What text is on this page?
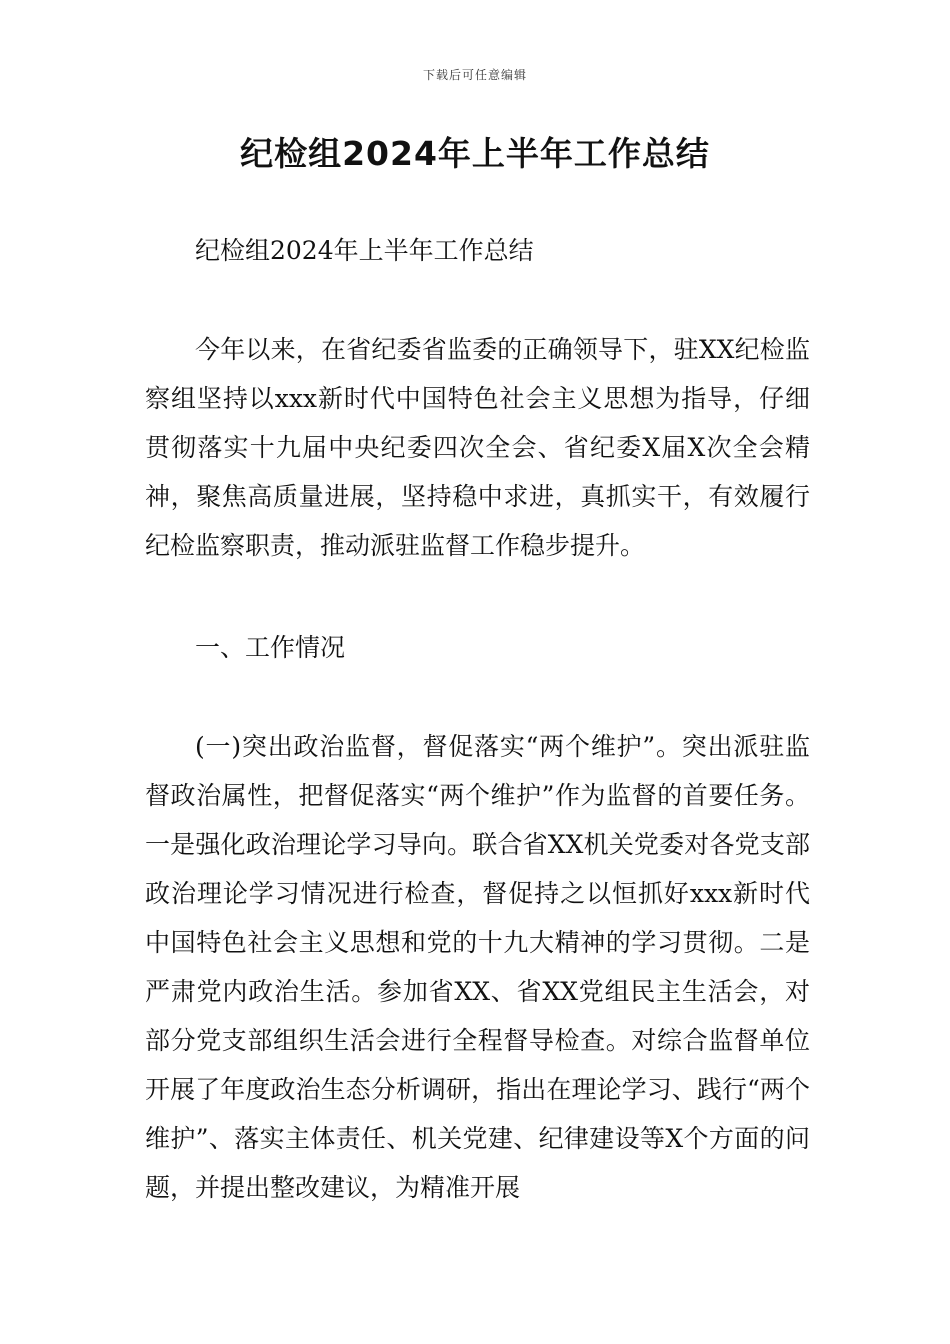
下载后可任意编辑
纪检组2024年上半年工作总结

纪检组2024年上半年工作总结

今年以来，在省纪委省监委的正确领导下，驻XX纪检监察组坚持以xxx新时代中国特色社会主义思想为指导，仔细贯彻落实十九届中央纪委四次全会、省纪委X届X次全会精神，聚焦高质量进展，坚持稳中求进，真抓实干，有效履行纪检监察职责，推动派驻监督工作稳步提升。

一、工作情况

(一)突出政治监督，督促落实“两个维护”。突出派驻监督政治属性，把督促落实“两个维护”作为监督的首要任务。一是强化政治理论学习导向。联合省XX机关党委对各党支部政治理论学习情况进行检查，督促持之以恒抓好xxx新时代中国特色社会主义思想和党的十九大精神的学习贯彻。二是严肃党内政治生活。参加省XX、省XX党组民主生活会，对部分党支部组织生活会进行全程督导检查。对综合监督单位开展了年度政治生态分析调研，指出在理论学习、践行“两个维护”、落实主体责任、机关党建、纪律建设等X个方面的问题，并提出整改建议，为精准开展
